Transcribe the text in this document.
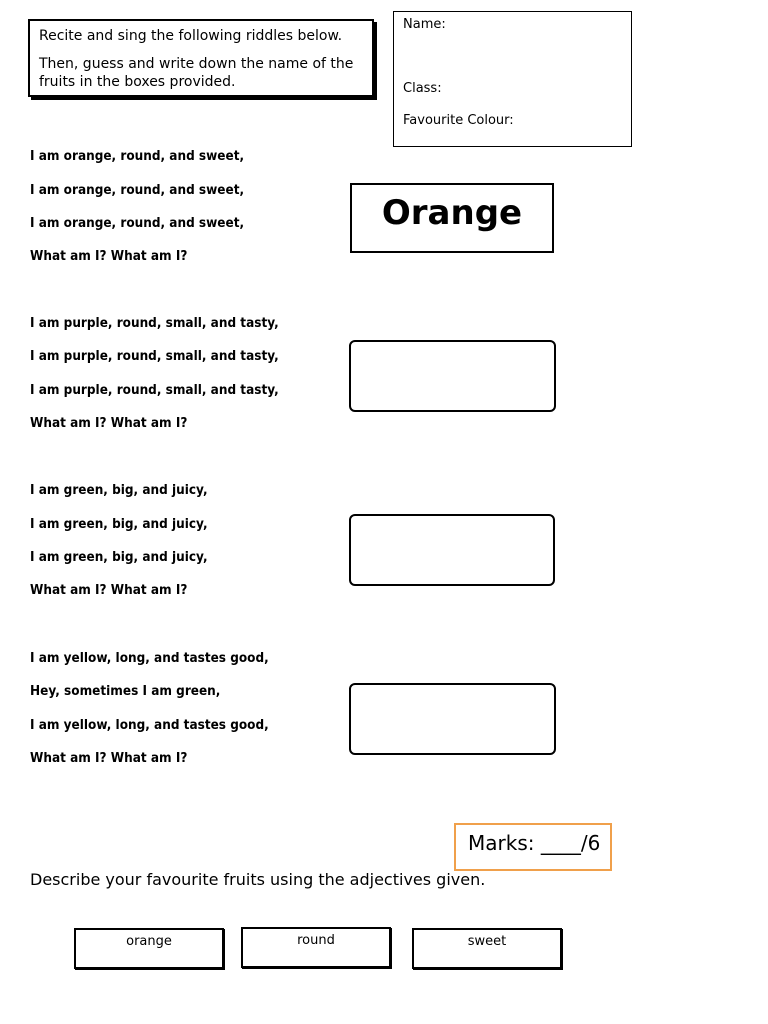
Recite and sing the following riddles below.

Then, guess and write down the name of the fruits in the boxes provided.

Name:
Class:
Favourite Colour:
I am orange, round, and sweet,
I am orange, round, and sweet,
I am orange, round, and sweet,
What am I? What am I?
Orange
I am purple, round, small, and tasty,
I am purple, round, small, and tasty,
I am purple, round, small, and tasty,
What am I? What am I?
I am green, big, and juicy,
I am green, big, and juicy,
I am green, big, and juicy,
What am I? What am I?
I am yellow, long, and tastes good,
Hey, sometimes I am green,
I am yellow, long, and tastes good,
What am I? What am I?
Marks: ____/6
Describe your favourite fruits using the adjectives given.
orange	round	sweet
